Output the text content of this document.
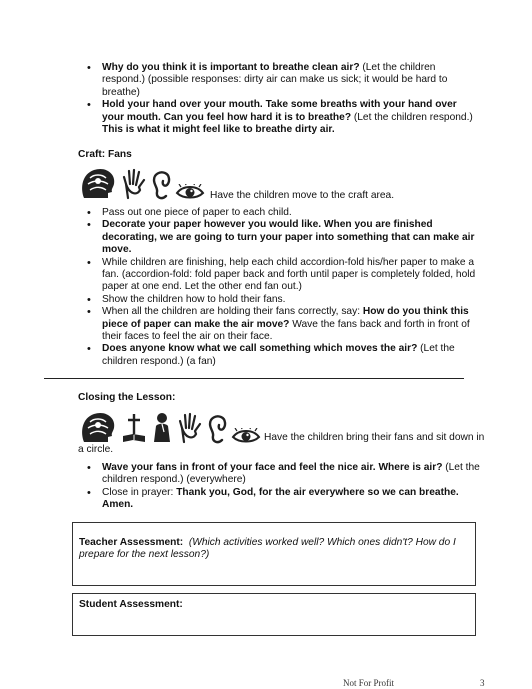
• Why do you think it is important to breathe clean air? (Let the children respond.) (possible responses: dirty air can make us sick; it would be hard to breathe)
• Hold your hand over your mouth. Take some breaths with your hand over your mouth. Can you feel how hard it is to breathe? (Let the children respond.) This is what it might feel like to breathe dirty air.
Craft: Fans
Have the children move to the craft area.
• Pass out one piece of paper to each child.
• Decorate your paper however you would like. When you are finished decorating, we are going to turn your paper into something that can make air move.
• While children are finishing, help each child accordion-fold his/her paper to make a fan. (accordion-fold: fold paper back and forth until paper is completely folded, hold paper at one end. Let the other end fan out.)
• Show the children how to hold their fans.
• When all the children are holding their fans correctly, say: How do you think this piece of paper can make the air move? Wave the fans back and forth in front of their faces to feel the air on their face.
• Does anyone know what we call something which moves the air? (Let the children respond.) (a fan)
Closing the Lesson:
Have the children bring their fans and sit down in a circle.
• Wave your fans in front of your face and feel the nice air. Where is air? (Let the children respond.) (everywhere)
• Close in prayer: Thank you, God, for the air everywhere so we can breathe. Amen.
Teacher Assessment: (Which activities worked well? Which ones didn't? How do I prepare for the next lesson?)
Student Assessment:
Not For Profit	3
